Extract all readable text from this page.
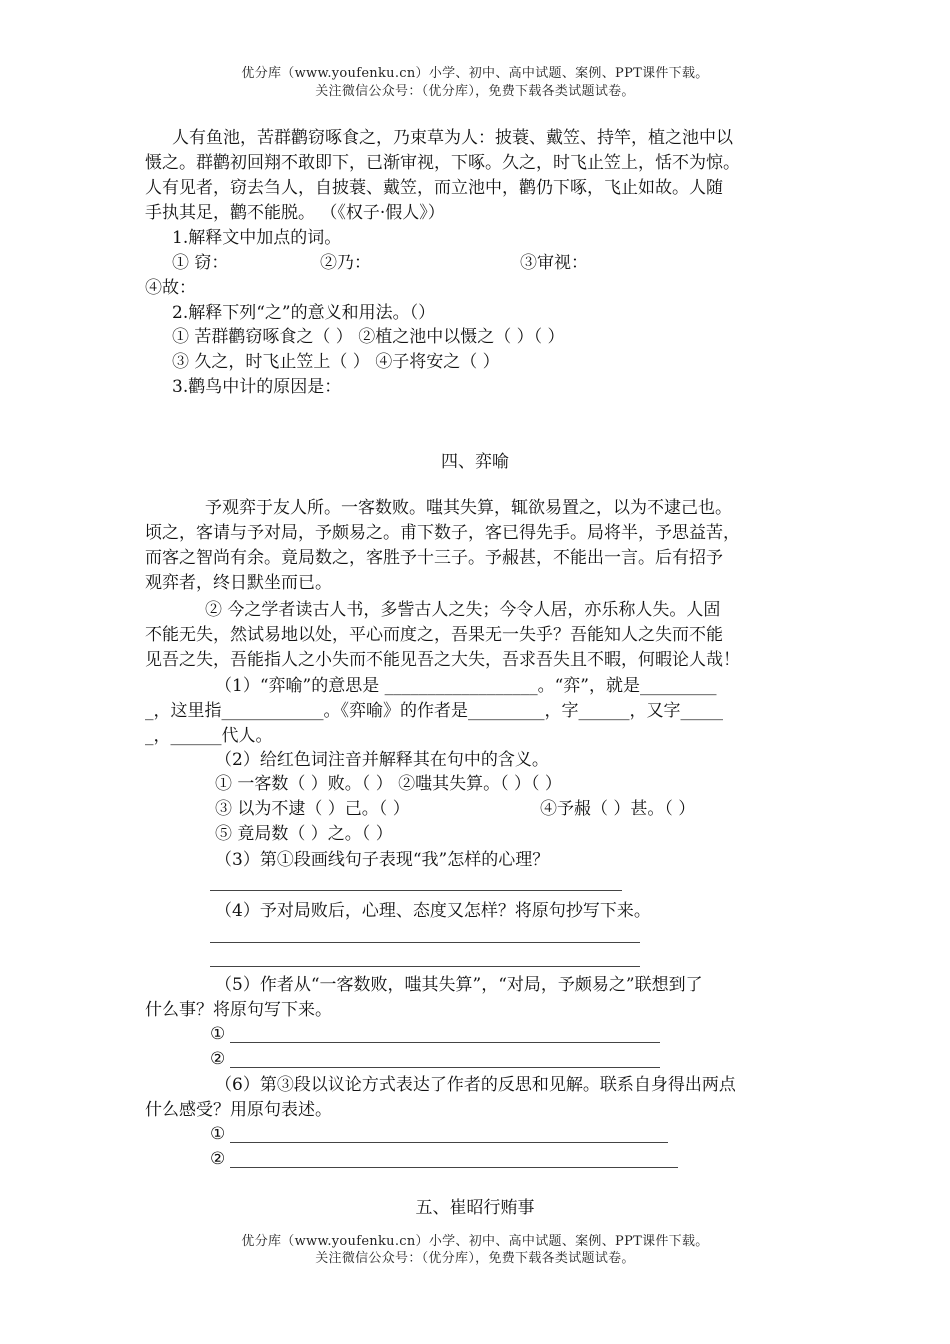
优分库（www.youfenku.cn）小学、初中、高中试题、案例、PPT课件下载。
关注微信公众号：（优分库），免费下载各类试题试卷。
人有鱼池，苦群鹳窃啄食之，乃束草为人：披蓑、戴笠、持竿，植之池中以
慑之。群鹳初回翔不敢即下，已渐审视，下啄。久之，时飞止笠上，恬不为惊。
人有见者，窃去刍人，自披蓑、戴笠，而立池中，鹳仍下啄，飞止如故。人随
手执其足，鹳不能脱。 （《权子·假人》）
1.解释文中加点的词。
① 窃：	②乃：	③审视：
④故：
2.解释下列“之”的意义和用法。（）
① 苦群鹳窃啄食之（ ） ②植之池中以慑之（ ）（ ）
③ 久之，时飞止笠上（ ） ④子将安之（ ）
3.鹳鸟中计的原因是：
四、弈喻
予观弈于友人所。一客数败。嗤其失算，辄欲易置之，以为不逮己也。
顷之，客请与予对局，予颇易之。甫下数子，客已得先手。局将半，予思益苦，
而客之智尚有余。竟局数之，客胜予十三子。予赧甚，不能出一言。后有招予
观弈者，终日默坐而已。
② 今之学者读古人书，多訾古人之失；今令人居，亦乐称人失。人固
不能无失，然试易地以处，平心而度之，吾果无一失乎？吾能知人之失而不能
见吾之失，吾能指人之小失而不能见吾之大失，吾求吾失且不暇，何暇论人哉！
（1）“弈喻”的意思是 __________________。“弈”，就是_________
_，这里指____________。《弈喻》的作者是_________，字______，又字_____
_，______代人。
（2）给红色词注音并解释其在句中的含义。
① 一客数（ ）败。（ ） ②嗤其失算。（ ）（ ）
③ 以为不逮（ ）己。（ ）	④予赧（ ）甚。（ ）
⑤ 竟局数（ ）之。（ ）
（3）第①段画线句子表现“我”怎样的心理？
（4）予对局败后，心理、态度又怎样？将原句抄写下来。
（5）作者从“一客数败，嗤其失算”，“对局，予颇易之”联想到了
什么事？将原句写下来。
①
②
（6）第③段以议论方式表达了作者的反思和见解。联系自身得出两点
什么感受？用原句表述。
①
②
五、崔昭行贿事
优分库（www.youfenku.cn）小学、初中、高中试题、案例、PPT课件下载。
关注微信公众号：（优分库），免费下载各类试题试卷。
